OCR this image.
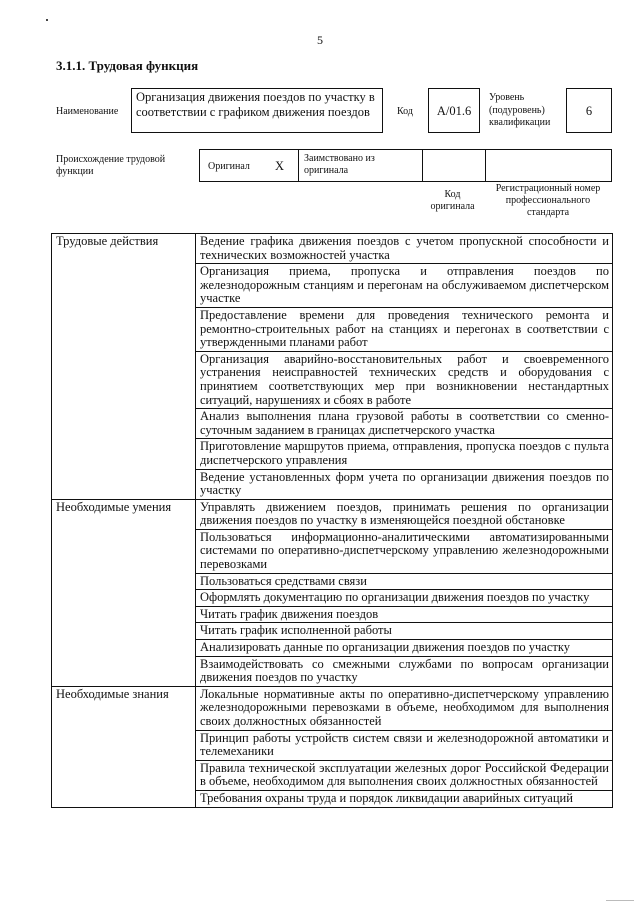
5
3.1.1. Трудовая функция
Наименование
Организация движения поездов по участку в соответствии с графиком движения поездов	Код A/01.6
Уровень (подуровень) квалификации
6
Происхождение трудовой функции	Оригинал X
Заимствовано из оригинала
Код оригинала
Регистрационный номер профессионального стандарта
Трудовые действия	Ведение графика движения поездов с учетом пропускной способности и технических возможностей участка
	Организация приема, пропуска и отправления поездов по железнодорожным станциям и перегонам на обслуживаемом диспетчерском участке
	Предоставление времени для проведения технического ремонта и ремонтно-строительных работ на станциях и перегонах в соответствии с утвержденными планами работ
	Организация аварийно-восстановительных работ и своевременного устранения неисправностей технических средств и оборудования с принятием соответствующих мер при возникновении нестандартных ситуаций, нарушениях и сбоях в работе
	Анализ выполнения плана грузовой работы в соответствии со сменно-суточным заданием в границах диспетчерского участка
	Приготовление маршрутов приема, отправления, пропуска поездов с пульта диспетчерского управления
	Ведение установленных форм учета по организации движения поездов по участку
Необходимые умения	Управлять движением поездов, принимать решения по организации движения поездов по участку в изменяющейся поездной обстановке
	Пользоваться информационно-аналитическими автоматизированными системами по оперативно-диспетчерскому управлению железнодорожными перевозками
	Пользоваться средствами связи
	Оформлять документацию по организации движения поездов по участку
	Читать график движения поездов
	Читать график исполненной работы
	Анализировать данные по организации движения поездов по участку
	Взаимодействовать со смежными службами по вопросам организации движения поездов по участку
Необходимые знания	Локальные нормативные акты по оперативно-диспетчерскому управлению железнодорожными перевозками в объеме, необходимом для выполнения своих должностных обязанностей
	Принцип работы устройств систем связи и железнодорожной автоматики и телемеханики
	Правила технической эксплуатации железных дорог Российской Федерации в объеме, необходимом для выполнения своих должностных обязанностей
	Требования охраны труда и порядок ликвидации аварийных ситуаций
